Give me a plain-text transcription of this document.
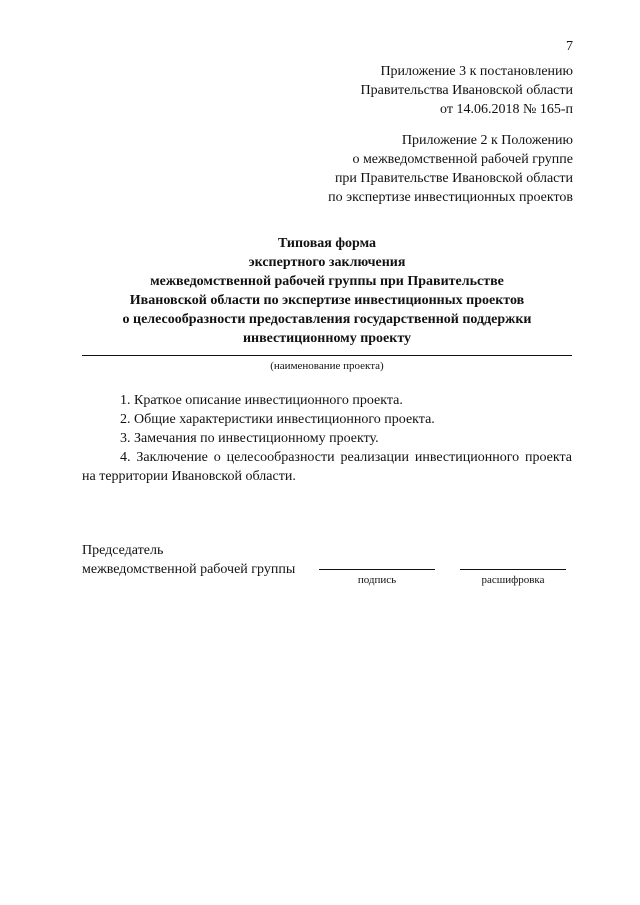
7
Приложение 3 к постановлению
Правительства Ивановской области
от 14.06.2018 № 165-п
Приложение 2 к Положению
о межведомственной рабочей группе
при Правительстве Ивановской области
по экспертизе инвестиционных проектов
Типовая форма
экспертного заключения
межведомственной рабочей группы при Правительстве
Ивановской области по экспертизе инвестиционных проектов
о целесообразности предоставления государственной поддержки
инвестиционному проекту
(наименование проекта)
1. Краткое описание инвестиционного проекта.
2. Общие характеристики инвестиционного проекта.
3. Замечания по инвестиционному проекту.
4. Заключение о целесообразности реализации инвестиционного проекта на территории Ивановской области.
Председатель
межведомственной рабочей группы
подпись	расшифровка
